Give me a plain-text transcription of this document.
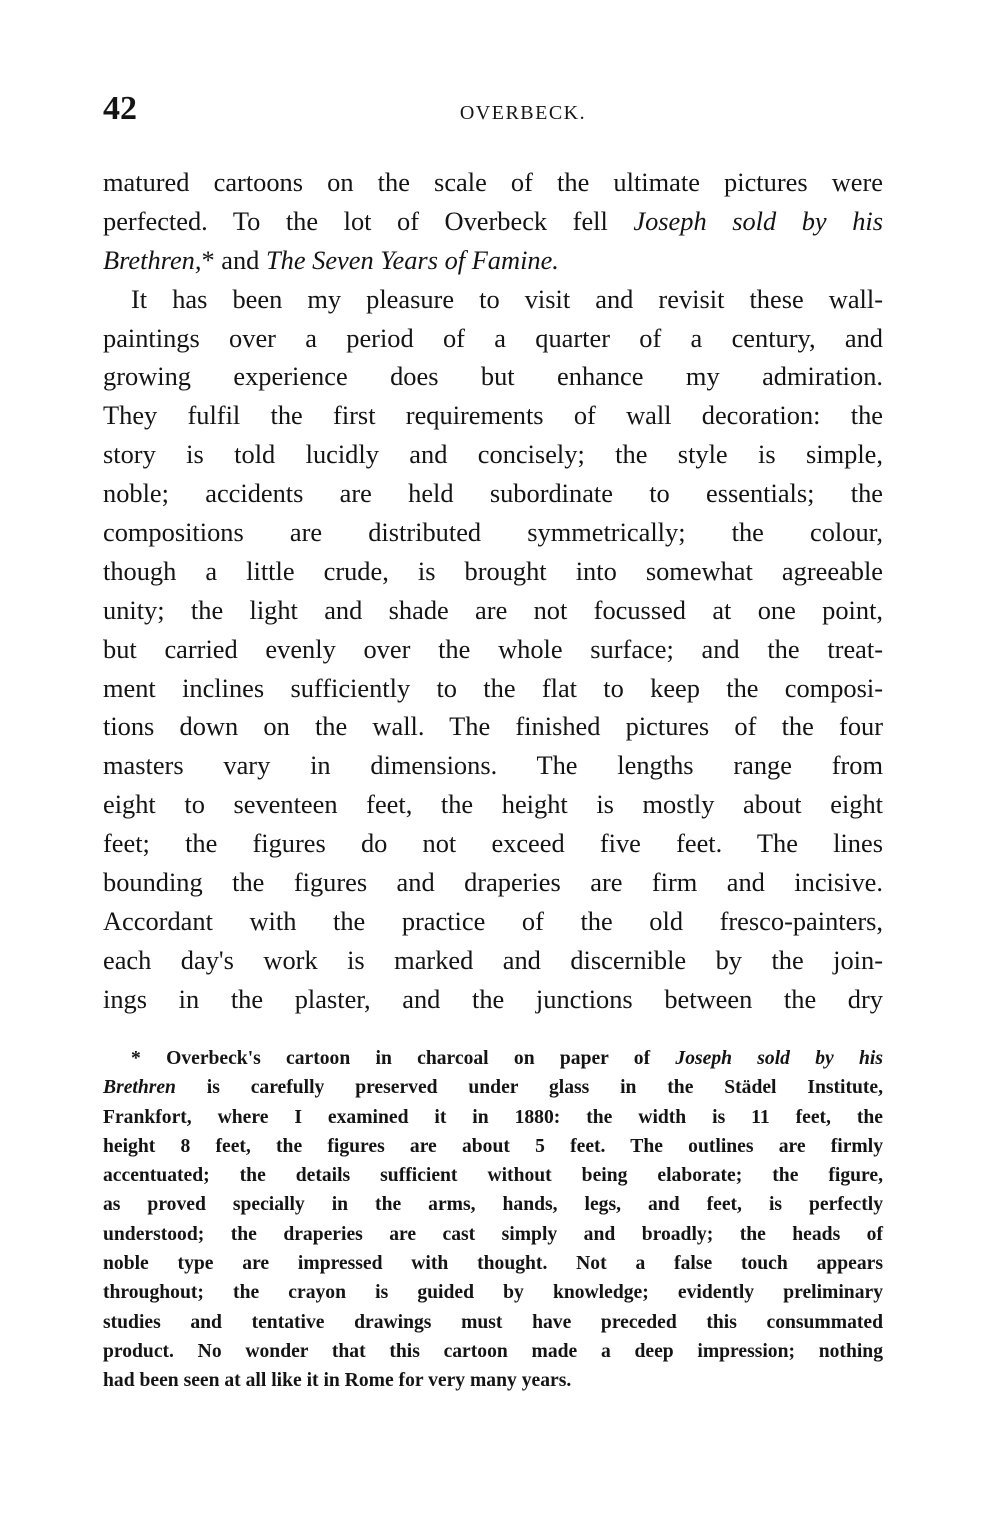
42	OVERBECK.
matured cartoons on the scale of the ultimate pictures were
perfected. To the lot of Overbeck fell Joseph sold by his
Brethren,* and The Seven Years of Famine.
It has been my pleasure to visit and revisit these wall-
paintings over a period of a quarter of a century, and
growing experience does but enhance my admiration.
They fulfil the first requirements of wall decoration: the
story is told lucidly and concisely; the style is simple,
noble; accidents are held subordinate to essentials; the
compositions are distributed symmetrically; the colour,
though a little crude, is brought into somewhat agreeable
unity; the light and shade are not focussed at one point,
but carried evenly over the whole surface; and the treat-
ment inclines sufficiently to the flat to keep the composi-
tions down on the wall. The finished pictures of the four
masters vary in dimensions. The lengths range from
eight to seventeen feet, the height is mostly about eight
feet; the figures do not exceed five feet. The lines
bounding the figures and draperies are firm and incisive.
Accordant with the practice of the old fresco-painters,
each day's work is marked and discernible by the join-
ings in the plaster, and the junctions between the dry
* Overbeck's cartoon in charcoal on paper of Joseph sold by his
Brethren is carefully preserved under glass in the Städel Institute,
Frankfort, where I examined it in 1880: the width is 11 feet, the
height 8 feet, the figures are about 5 feet. The outlines are firmly
accentuated; the details sufficient without being elaborate; the figure,
as proved specially in the arms, hands, legs, and feet, is perfectly
understood; the draperies are cast simply and broadly; the heads of
noble type are impressed with thought. Not a false touch appears
throughout; the crayon is guided by knowledge; evidently preliminary
studies and tentative drawings must have preceded this consummated
product. No wonder that this cartoon made a deep impression; nothing
had been seen at all like it in Rome for very many years.
